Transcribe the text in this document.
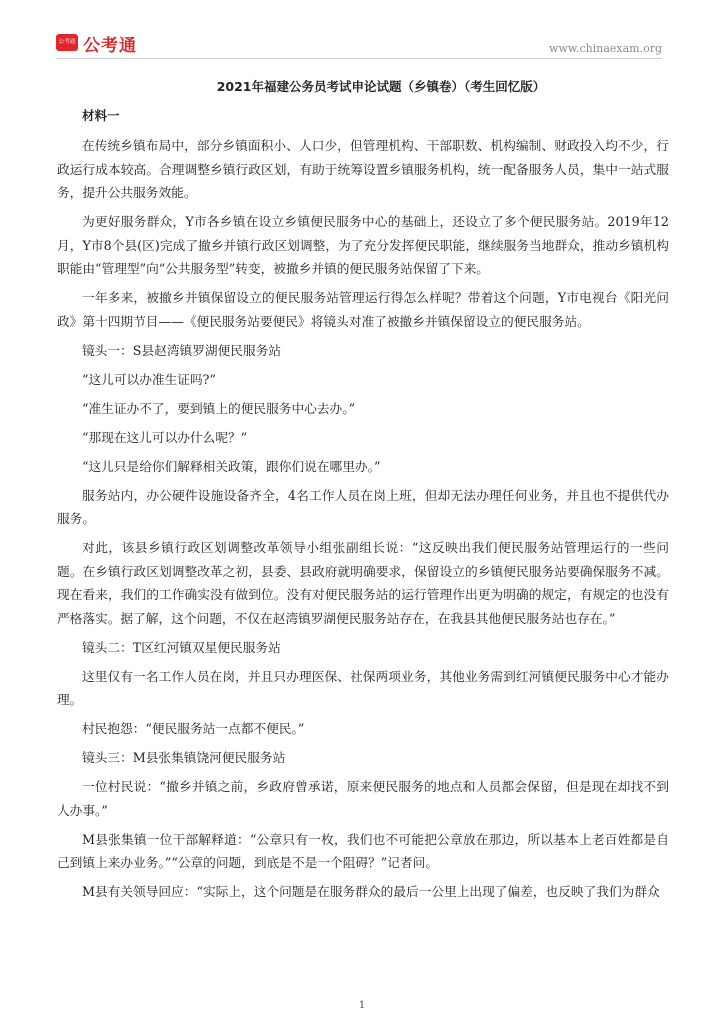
公考通 公考通	www.chinaexam.org
2021年福建公务员考试申论试题（乡镇卷）（考生回忆版）
材料一

在传统乡镇布局中，部分乡镇面积小、人口少，但管理机构、干部职数、机构编制、财政投入均不少，行政运行成本较高。合理调整乡镇行政区划，有助于统筹设置乡镇服务机构，统一配备服务人员，集中一站式服务，提升公共服务效能。

为更好服务群众，Y市各乡镇在设立乡镇便民服务中心的基础上，还设立了多个便民服务站。2019年12月，Y市8个县(区)完成了撤乡并镇行政区划调整，为了充分发挥便民职能，继续服务当地群众，推动乡镇机构职能由“管理型”向“公共服务型”转变，被撤乡并镇的便民服务站保留了下来。

一年多来，被撤乡并镇保留设立的便民服务站管理运行得怎么样呢？带着这个问题，Y市电视台《阳光问政》第十四期节目——《便民服务站要便民》将镜头对准了被撤乡并镇保留设立的便民服务站。

镜头一：S县赵湾镇罗湖便民服务站

“这儿可以办准生证吗?”

“准生证办不了，要到镇上的便民服务中心去办。”

“那现在这儿可以办什么呢？”

“这儿只是给你们解释相关政策，跟你们说在哪里办。”

服务站内，办公硬件设施设备齐全，4名工作人员在岗上班，但却无法办理任何业务，并且也不提供代办服务。

对此，该县乡镇行政区划调整改革领导小组张副组长说：“这反映出我们便民服务站管理运行的一些问题。在乡镇行政区划调整改革之初，县委、县政府就明确要求，保留设立的乡镇便民服务站要确保服务不减。现在看来，我们的工作确实没有做到位。没有对便民服务站的运行管理作出更为明确的规定，有规定的也没有严格落实。据了解，这个问题，不仅在赵湾镇罗湖便民服务站存在，在我县其他便民服务站也存在。”

镜头二：T区红河镇双星便民服务站

这里仅有一名工作人员在岗，并且只办理医保、社保两项业务，其他业务需到红河镇便民服务中心才能办理。

村民抱怨：“便民服务站一点都不便民。”

镜头三：M县张集镇饶河便民服务站

一位村民说：“撤乡并镇之前，乡政府曾承诺，原来便民服务的地点和人员都会保留，但是现在却找不到人办事。”

M县张集镇一位干部解释道：“公章只有一枚，我们也不可能把公章放在那边，所以基本上老百姓都是自己到镇上来办业务。”“公章的问题，到底是不是一个阻碍？”记者问。

M县有关领导回应：“实际上，这个问题是在服务群众的最后一公里上出现了偏差，也反映了我们为群众

1
